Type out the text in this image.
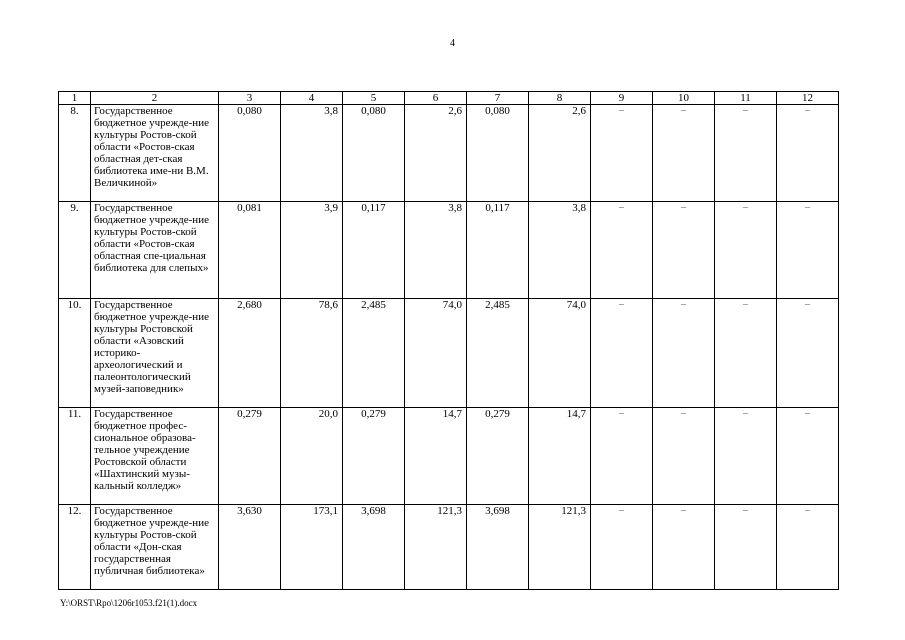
4
1	2	3	4	5	6	7	8	9	10	11	12
8.	Государственное бюджетное учрежде-ние культуры Ростов-ской области «Ростов-ская областная дет-ская библиотека име-ни В.М. Величкиной»	0,080	3,8	0,080	2,6	0,080	2,6	–	–	–	–
9.	Государственное бюджетное учрежде-ние культуры Ростов-ской области «Ростов-ская областная спе-циальная библиотека для слепых»	0,081	3,9	0,117	3,8	0,117	3,8	–	–	–	–
10.	Государственное бюджетное учрежде-ние культуры Ростовской области «Азовский историко-археологический и палеонтологический музей-заповедник»	2,680	78,6	2,485	74,0	2,485	74,0	–	–	–	–
11.	Государственное бюджетное профес-сиональное образова-тельное учреждение Ростовской области «Шахтинский музы-кальный колледж»	0,279	20,0	0,279	14,7	0,279	14,7	–	–	–	–
12.	Государственное бюджетное учрежде-ние культуры Ростов-ской области «Дон-ская государственная публичная библиотека»	3,630	173,1	3,698	121,3	3,698	121,3	–	–	–	–
Y:\ORST\Rpo\1206r1053.f21(1).docx
